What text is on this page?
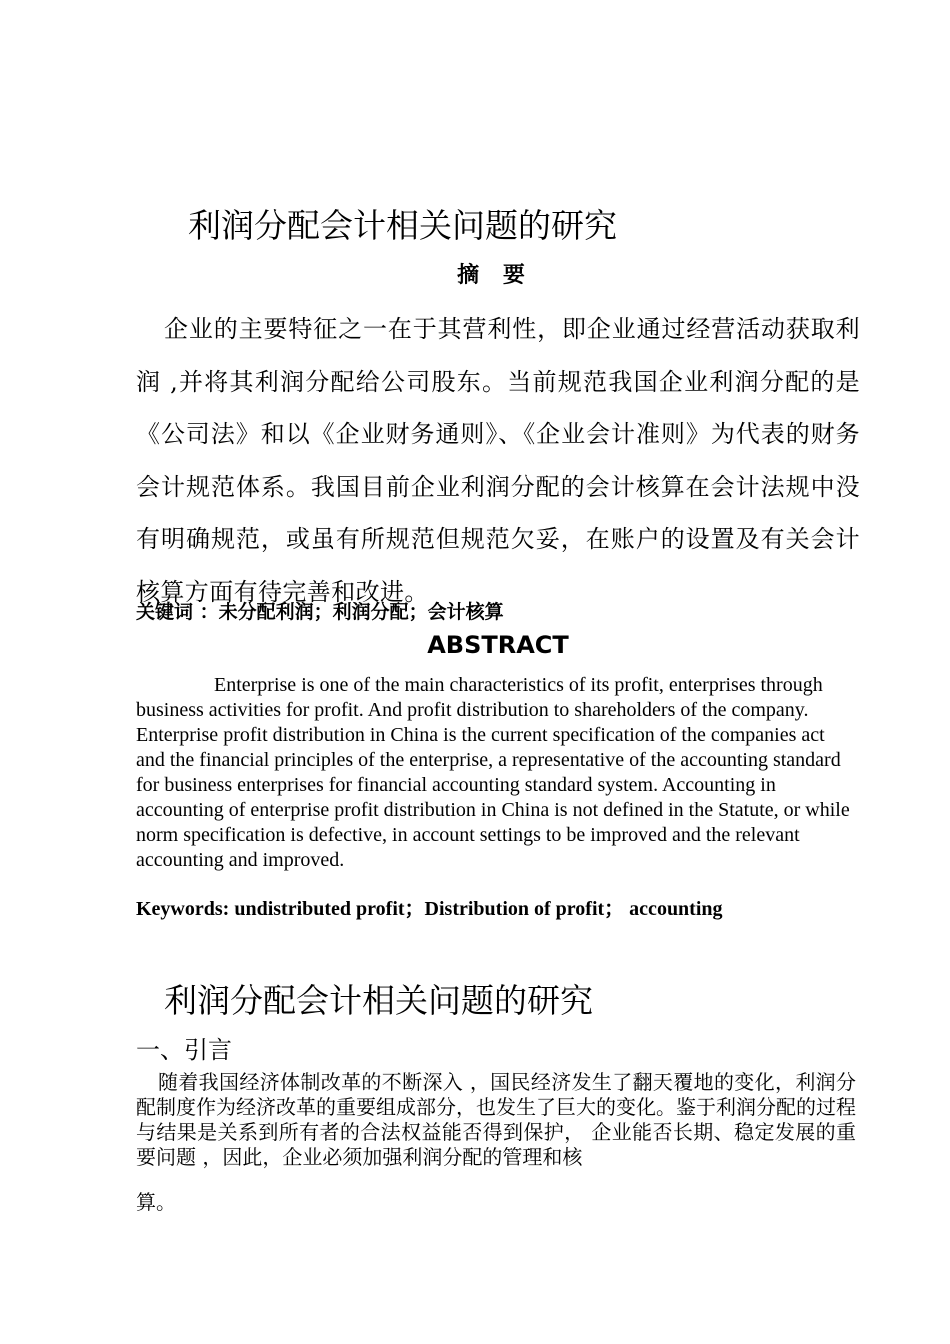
利润分配会计相关问题的研究
摘 要
企业的主要特征之一在于其营利性，即企业通过经营活动获取利润 ,并将其利润分配给公司股东。当前规范我国企业利润分配的是《公司法》和以《企业财务通则》、《企业会计准则》为代表的财务会计规范体系。我国目前企业利润分配的会计核算在会计法规中没有明确规范，或虽有所规范但规范欠妥，在账户的设置及有关会计核算方面有待完善和改进。
关键词 ：未分配利润；利润分配；会计核算
ABSTRACT
Enterprise is one of the main characteristics of its profit, enterprises through business activities for profit. And profit distribution to shareholders of the company. Enterprise profit distribution in China is the current specification of the companies act and the financial principles of the enterprise, a representative of the accounting standard for business enterprises for financial accounting standard system. Accounting in accounting of enterprise profit distribution in China is not defined in the Statute, or while norm specification is defective, in account settings to be improved and the relevant accounting and improved.
Keywords: undistributed profit；Distribution of profit； accounting
利润分配会计相关问题的研究
一、引言
随着我国经济体制改革的不断深入 ，国民经济发生了翻天覆地的变化，利润分配制度作为经济改革的重要组成部分，也发生了巨大的变化。鉴于利润分配的过程与结果是关系到所有者的合法权益能否得到保护， 企业能否长期、稳定发展的重要问题 ，因此，企业必须加强利润分配的管理和核
算。
